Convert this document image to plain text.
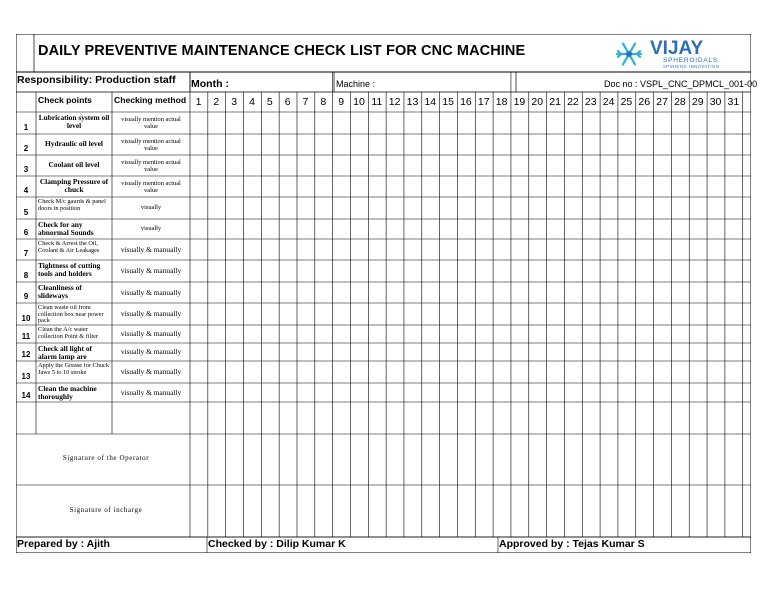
DAILY PREVENTIVE MAINTENANCE CHECK LIST FOR CNC MACHINE	VIJAY
SPHEROIDALS
SPINNING INNOVATION
Responsibility: Production staff Month :	Machine :	Doc no : VSPL_CNC_DPMCL_001-00
Check points	Checking method 1	2	3	4	5	6	7	8	9 10 11 12 13 14 15 16 17 18 19 20 21 22 23 24 25 26 27 28 29 30 31
1
Lubrication system oil level
visually mention actual value
2
Hydraulic oil level	visually mention actual value
3
Coolant oil level	visually mention actual value
4
Clamping Pressure of chuck
visually mention actual value
5
Check M/c gaurds & panel doors in position	visually
6
Check for any abnormal Sounds	visually
7
Check & Arrest the Oil, Coolant & Air Leakages	visually & manually
8
Tightness of cutting tools and holders	visually & manually
9
Cleanliness of slideways	visually & manually
10
Clean waste oil from collection box near power pack
visually & manually
11
Clean the A/c water collection Point & filter	visually & manually
12
Check all light of alarm lamp are
visually & manually
13
Apply the Grease for Chuck Jaws 5 to 10 stroke	visually & manually
14
Clean the machine thoroughly	visually & manually
Signature of the Operator
Signature of incharge
Prepared by : Ajith	Checked by : Dilip Kumar K	Approved by : Tejas Kumar S
